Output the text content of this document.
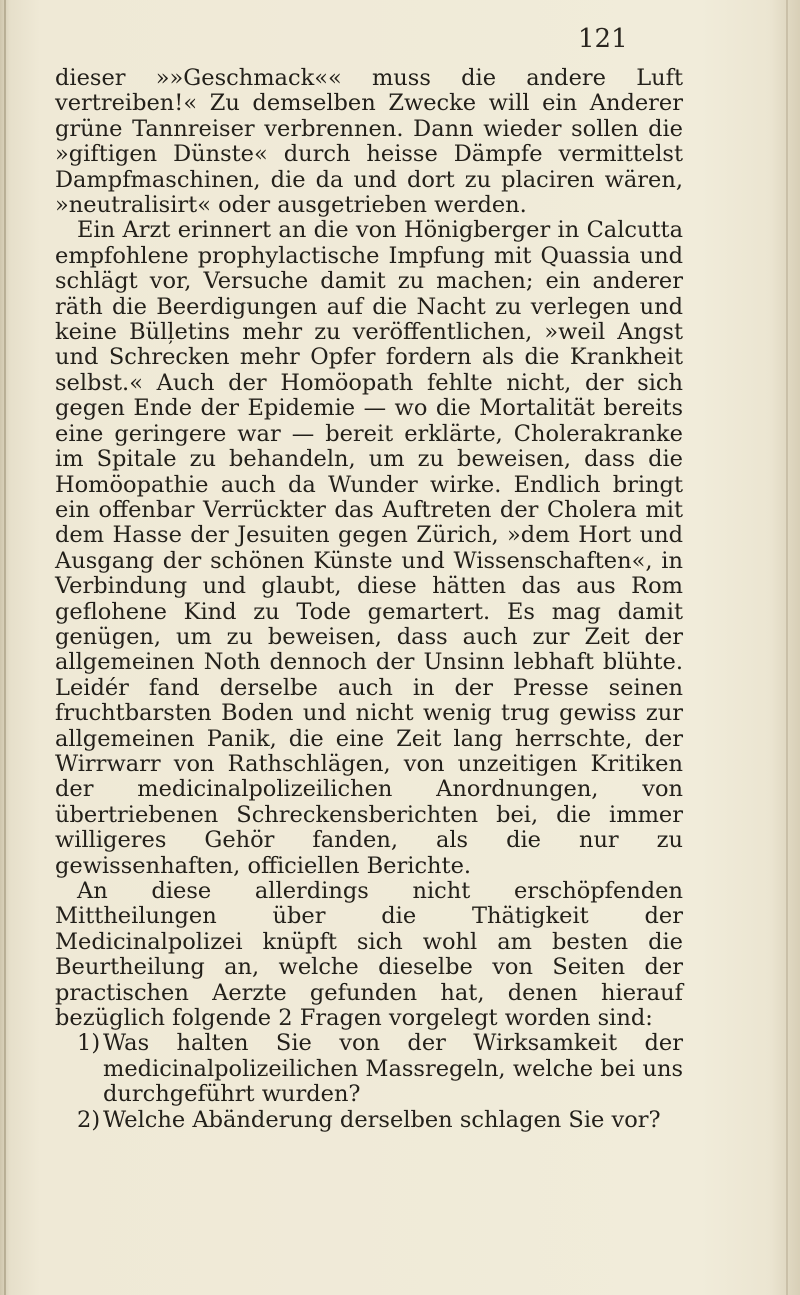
121

dieser »»Geschmack«« muss die andere Luft vertreiben!« Zu demselben Zwecke will ein Anderer grüne Tannreiser verbrennen. Dann wieder sollen die »giftigen Dünste« durch heisse Dämpfe vermittelst Dampfmaschinen, die da und dort zu placiren wären, »neutralisirt« oder ausgetrieben werden.

Ein Arzt erinnert an die von Hönigberger in Calcutta empfohlene prophylactische Impfung mit Quassia und schlägt vor, Versuche damit zu machen; ein anderer räth die Beerdigungen auf die Nacht zu verlegen und keine Büll̦etins mehr zu veröffentlichen, »weil Angst und Schrecken mehr Opfer fordern als die Krankheit selbst.« Auch der Homöopath fehlte nicht, der sich gegen Ende der Epidemie — wo die Mortalität bereits eine geringere war — bereit erklärte, Cholerakranke im Spitale zu behandeln, um zu beweisen, dass die Homöopathie auch da Wunder wirke. Endlich bringt ein offenbar Verrückter das Auftreten der Cholera mit dem Hasse der Jesuiten gegen Zürich, »dem Hort und Ausgang der schönen Künste und Wissenschaften«, in Verbindung und glaubt, diese hätten das aus Rom geflohene Kind zu Tode gemartert. Es mag damit genügen, um zu beweisen, dass auch zur Zeit der allgemeinen Noth dennoch der Unsinn lebhaft blühte. Leidér fand derselbe auch in der Presse seinen fruchtbarsten Boden und nicht wenig trug gewiss zur allgemeinen Panik, die eine Zeit lang herrschte, der Wirrwarr von Rathschlägen, von unzeitigen Kritiken der medicinalpolizeilichen Anordnungen, von übertriebenen Schreckensberichten bei, die immer willigeres Gehör fanden, als die nur zu gewissenhaften, officiellen Berichte.

An diese allerdings nicht erschöpfenden Mittheilungen über die Thätigkeit der Medicinalpolizei knüpft sich wohl am besten die Beurtheilung an, welche dieselbe von Seiten der practischen Aerzte gefunden hat, denen hierauf bezüglich folgende 2 Fragen vorgelegt worden sind:

1) Was halten Sie von der Wirksamkeit der medicinalpolizeilichen Massregeln, welche bei uns durchgeführt wurden?
2) Welche Abänderung derselben schlagen Sie vor?
